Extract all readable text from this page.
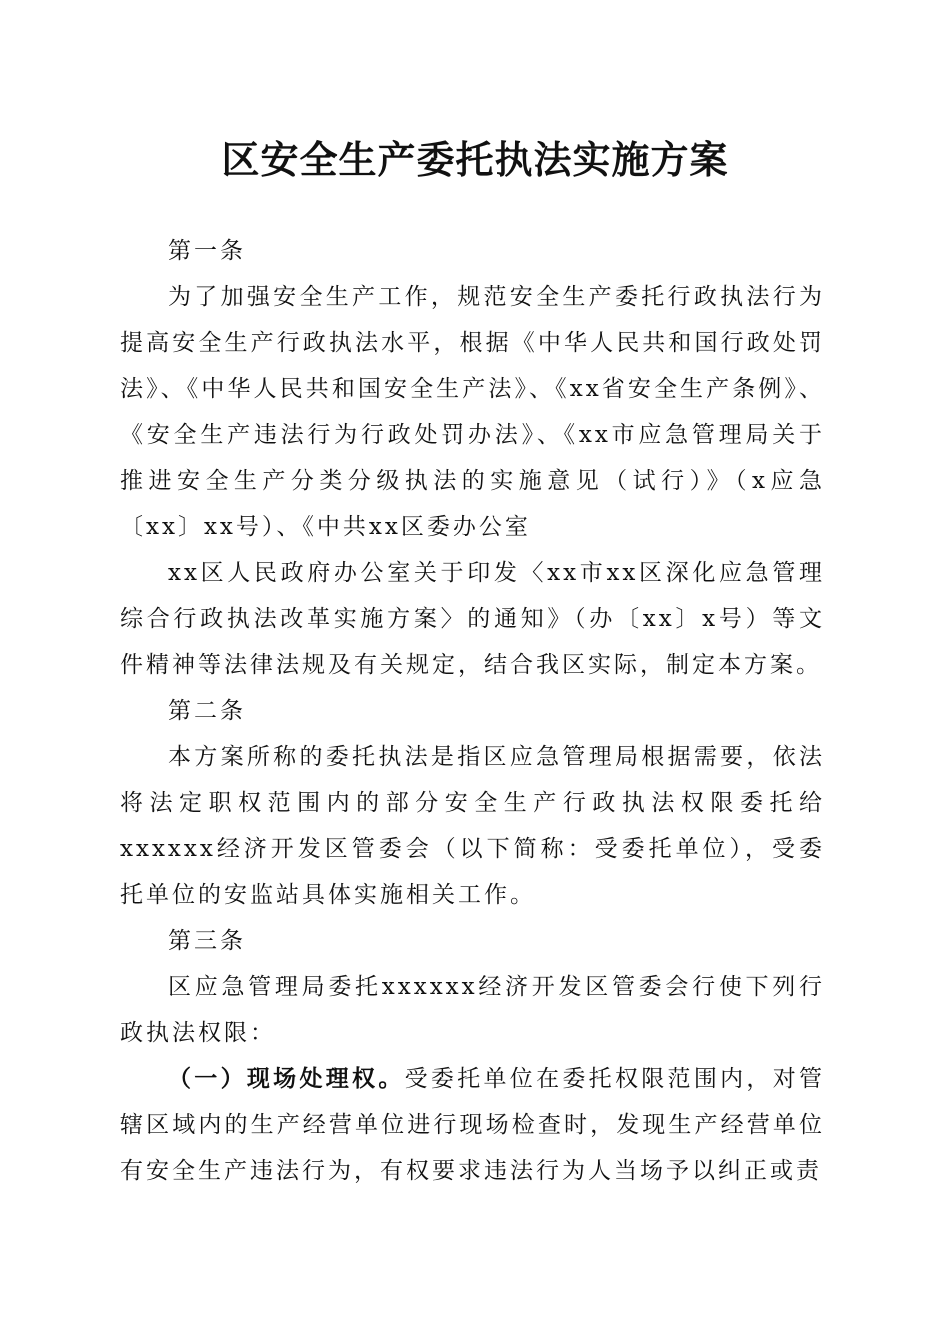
区安全生产委托执法实施方案

第一条

为了加强安全生产工作，规范安全生产委托行政执法行为提高安全生产行政执法水平，根据《中华人民共和国行政处罚法》、《中华人民共和国安全生产法》、《xx省安全生产条例》、《安全生产违法行为行政处罚办法》、《xx市应急管理局关于推进安全生产分类分级执法的实施意见（试行）》（x应急〔xx〕xx号）、《中共xx区委办公室

xx区人民政府办公室关于印发〈xx市xx区深化应急管理综合行政执法改革实施方案〉的通知》（办〔xx〕x号）等文件精神等法律法规及有关规定，结合我区实际，制定本方案。

第二条

本方案所称的委托执法是指区应急管理局根据需要，依法将法定职权范围内的部分安全生产行政执法权限委托给xxxxxx经济开发区管委会（以下简称：受委托单位），受委托单位的安监站具体实施相关工作。

第三条

区应急管理局委托xxxxxx经济开发区管委会行使下列行政执法权限：

（一）现场处理权。受委托单位在委托权限范围内，对管辖区域内的生产经营单位进行现场检查时，发现生产经营单位有安全生产违法行为，有权要求违法行为人当场予以纠正或责
